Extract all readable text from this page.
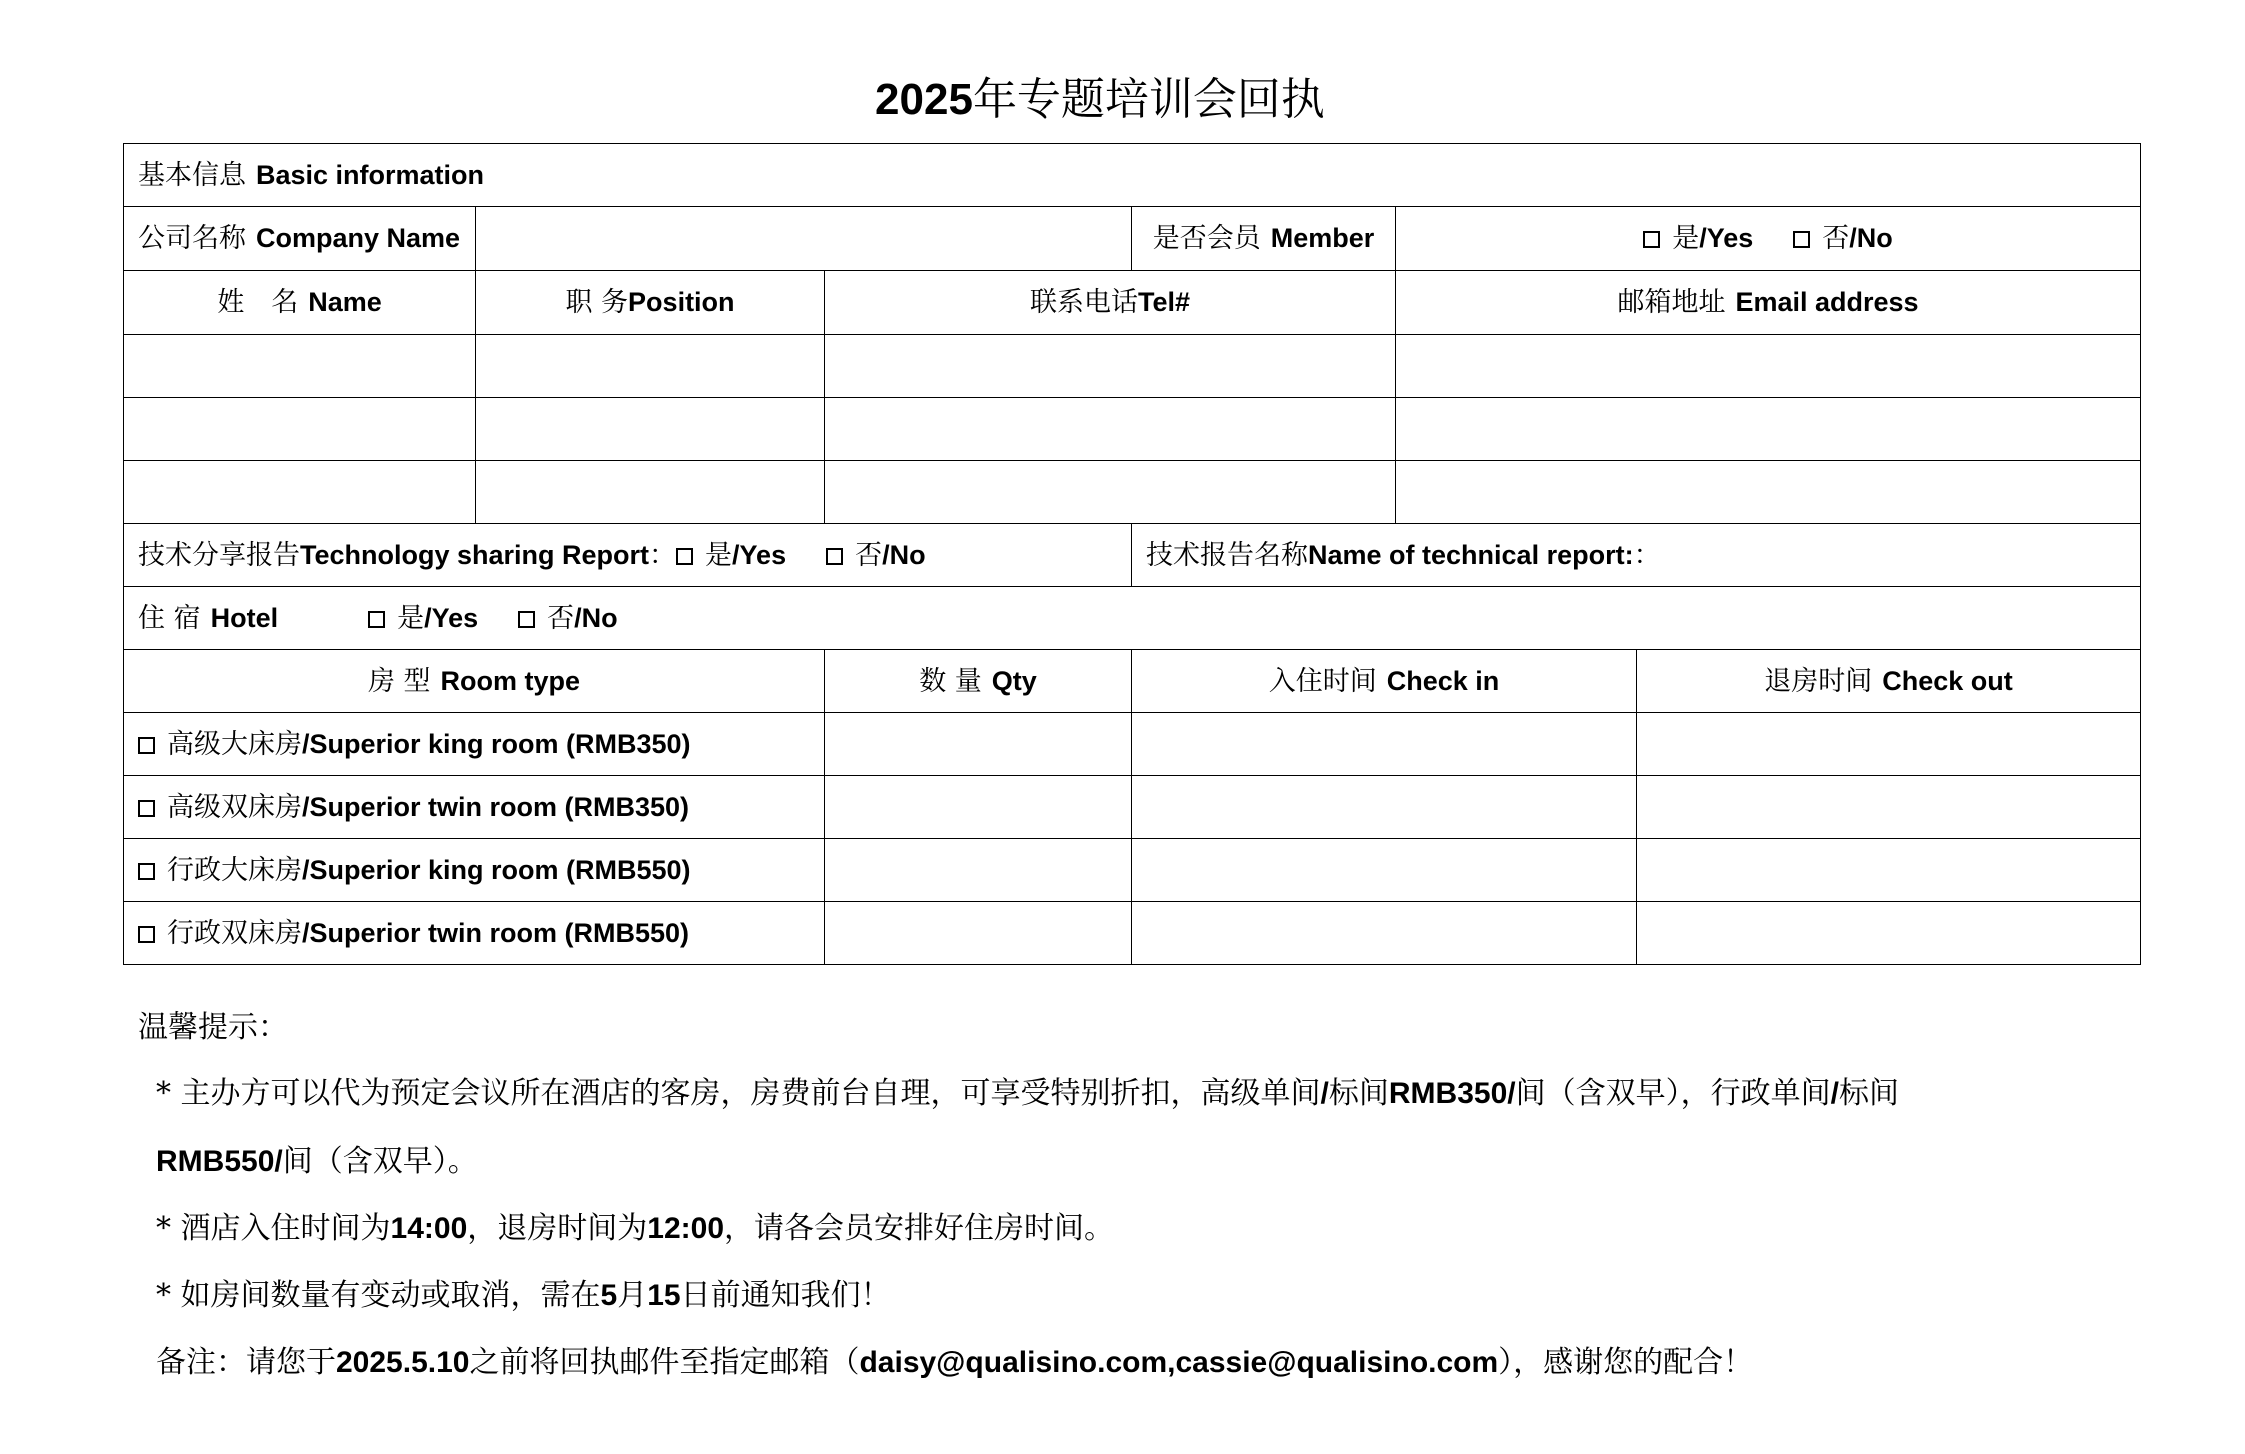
2025年专题培训会回执
基本信息 Basic information					
公司名称 Company Name			是否会员 Member	是/Yes 否/No	
姓　名 Name	职 务Position	联系电话Tel#		邮箱地址 Email address	

技术分享报告Technology sharing Report： 是/Yes 否/No			技术报告名称Name of technical report:：		
住 宿 Hotel 是/Yes 否/No					
房 型 Room type		数 量 Qty	入住时间 Check in		退房时间 Check out
高级大床房/Superior king room (RMB350)					
高级双床房/Superior twin room (RMB350)					
行政大床房/Superior king room (RMB550)					
行政双床房/Superior twin room (RMB550)					
温馨提示：
* 主办方可以代为预定会议所在酒店的客房，房费前台自理，可享受特别折扣，高级单间/标间RMB350/间（含双早），行政单间/标间
RMB550/间（含双早）。
* 酒店入住时间为14:00，退房时间为12:00，请各会员安排好住房时间。
* 如房间数量有变动或取消，需在5月15日前通知我们！
备注：请您于2025.5.10之前将回执邮件至指定邮箱（daisy@qualisino.com,cassie@qualisino.com），感谢您的配合！
